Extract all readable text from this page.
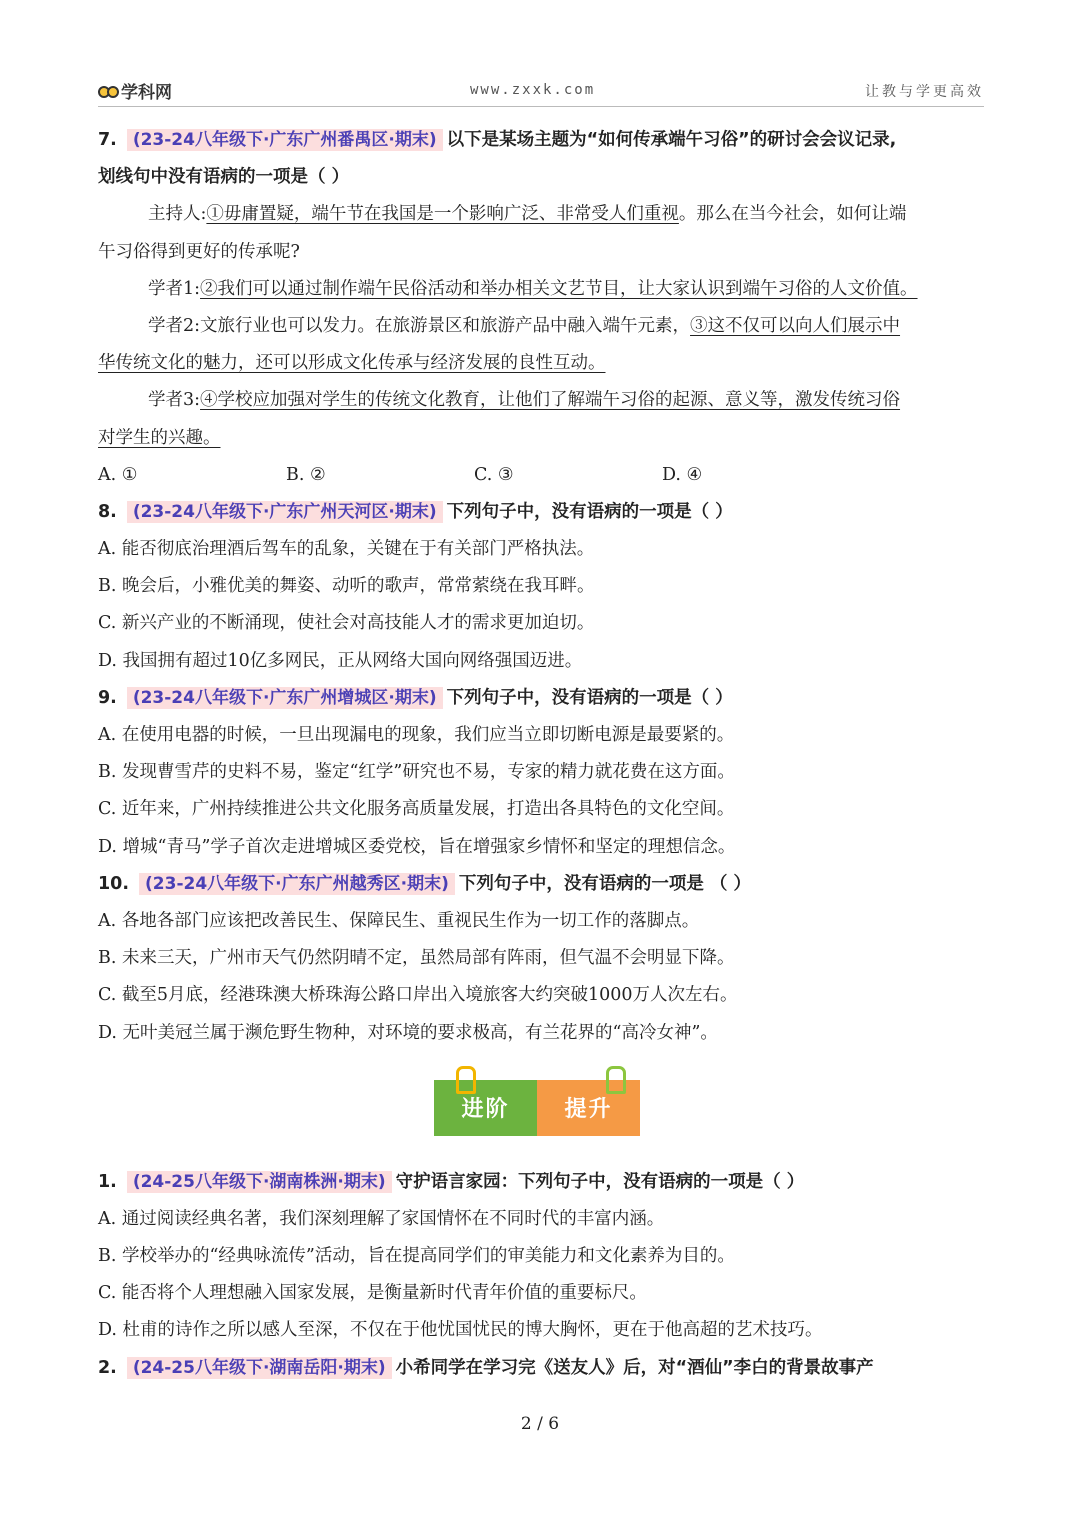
学科网	www.zxxk.com	让教与学更高效
7. (23-24八年级下·广东广州番禺区·期末) 以下是某场主题为“如何传承端午习俗”的研讨会会议记录,
划线句中没有语病的一项是（ ）
主持人:①毋庸置疑，端午节在我国是一个影响广泛、非常受人们重视。那么在当今社会，如何让端
午习俗得到更好的传承呢?
学者1:②我们可以通过制作端午民俗活动和举办相关文艺节目，让大家认识到端午习俗的人文价值。
学者2:文旅行业也可以发力。在旅游景区和旅游产品中融入端午元素，③这不仅可以向人们展示中
华传统文化的魅力，还可以形成文化传承与经济发展的良性互动。
学者3:④学校应加强对学生的传统文化教育，让他们了解端午习俗的起源、意义等，激发传统习俗
对学生的兴趣。
A. ①	B. ②	C. ③	D. ④
8. (23-24八年级下·广东广州天河区·期末) 下列句子中，没有语病的一项是（ ）
A. 能否彻底治理酒后驾车的乱象，关键在于有关部门严格执法。
B. 晚会后，小雅优美的舞姿、动听的歌声，常常萦绕在我耳畔。
C. 新兴产业的不断涌现，使社会对高技能人才的需求更加迫切。
D. 我国拥有超过10亿多网民，正从网络大国向网络强国迈进。
9. (23-24八年级下·广东广州增城区·期末) 下列句子中，没有语病的一项是（ ）
A. 在使用电器的时候，一旦出现漏电的现象，我们应当立即切断电源是最要紧的。
B. 发现曹雪芹的史料不易，鉴定“红学”研究也不易，专家的精力就花费在这方面。
C. 近年来，广州持续推进公共文化服务高质量发展，打造出各具特色的文化空间。
D. 增城“青马”学子首次走进增城区委党校，旨在增强家乡情怀和坚定的理想信念。
10. (23-24八年级下·广东广州越秀区·期末) 下列句子中，没有语病的一项是 （ ）
A. 各地各部门应该把改善民生、保障民生、重视民生作为一切工作的落脚点。
B. 未来三天，广州市天气仍然阴晴不定，虽然局部有阵雨，但气温不会明显下降。
C. 截至5月底，经港珠澳大桥珠海公路口岸出入境旅客大约突破1000万人次左右。
D. 无叶美冠兰属于濒危野生物种，对环境的要求极高，有兰花界的“高冷女神”。
进阶	提升
1. (24-25八年级下·湖南株洲·期末) 守护语言家园：下列句子中，没有语病的一项是（ ）
A. 通过阅读经典名著，我们深刻理解了家国情怀在不同时代的丰富内涵。
B. 学校举办的“经典咏流传”活动，旨在提高同学们的审美能力和文化素养为目的。
C. 能否将个人理想融入国家发展，是衡量新时代青年价值的重要标尺。
D. 杜甫的诗作之所以感人至深，不仅在于他忧国忧民的博大胸怀，更在于他高超的艺术技巧。
2. (24-25八年级下·湖南岳阳·期末) 小希同学在学习完《送友人》后，对“酒仙”李白的背景故事产
2 / 6
